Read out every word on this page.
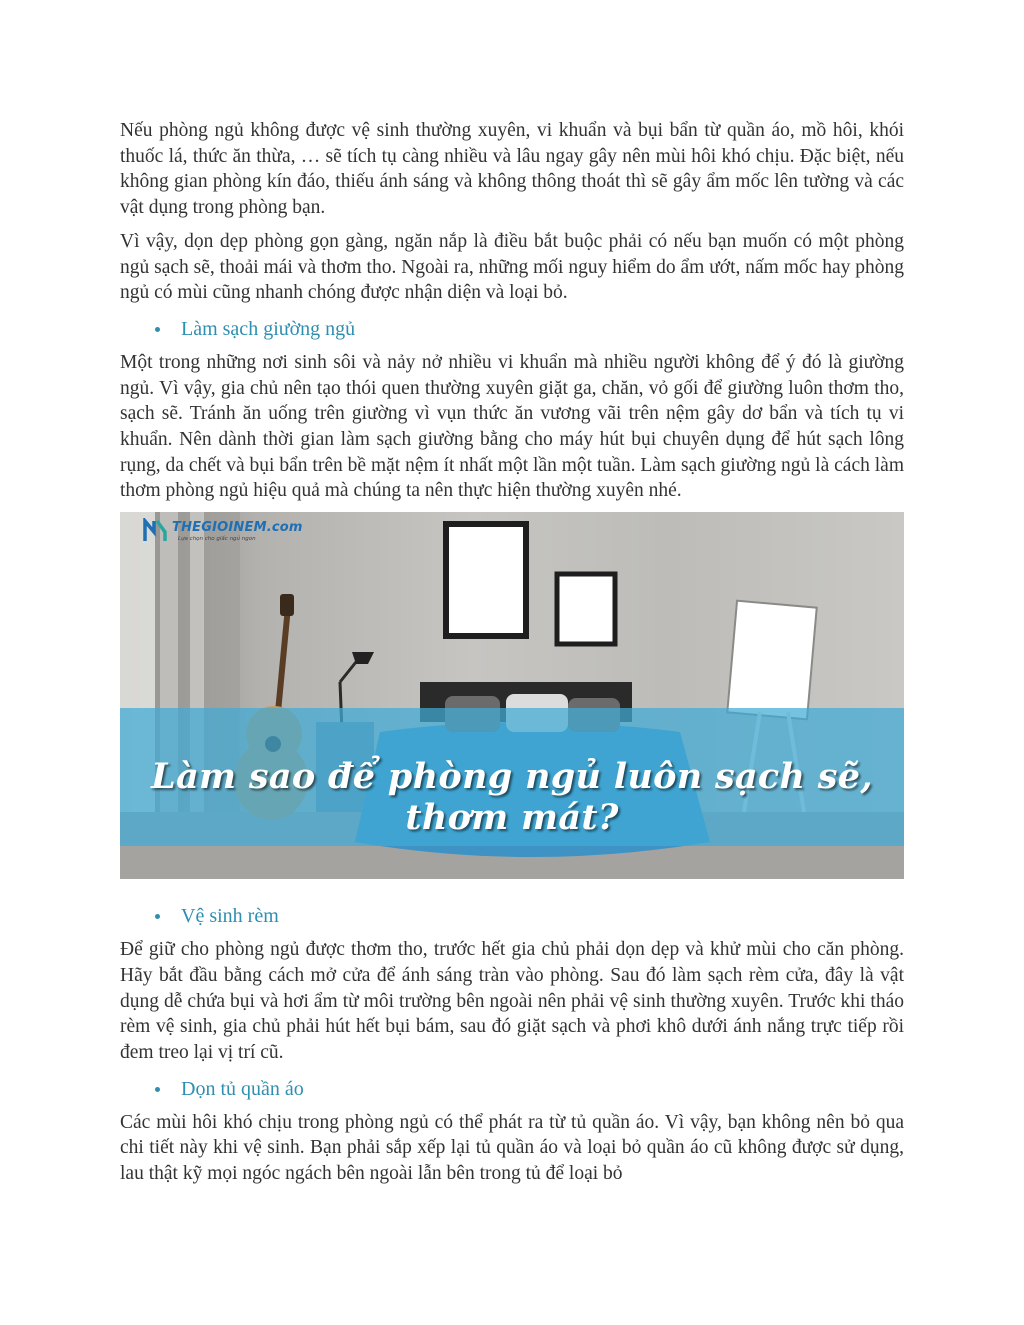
Nếu phòng ngủ không được vệ sinh thường xuyên, vi khuẩn và bụi bẩn từ quần áo, mồ hôi, khói thuốc lá, thức ăn thừa, … sẽ tích tụ càng nhiều và lâu ngay gây nên mùi hôi khó chịu. Đặc biệt, nếu không gian phòng kín đáo, thiếu ánh sáng và không thông thoát thì sẽ gây ẩm mốc lên tường và các vật dụng trong phòng bạn.

Vì vậy, dọn dẹp phòng gọn gàng, ngăn nắp là điều bắt buộc phải có nếu bạn muốn có một phòng ngủ sạch sẽ, thoải mái và thơm tho. Ngoài ra, những mối nguy hiểm do ẩm ướt, nấm mốc hay phòng ngủ có mùi cũng nhanh chóng được nhận diện và loại bỏ.

Làm sạch giường ngủ

Một trong những nơi sinh sôi và nảy nở nhiều vi khuẩn mà nhiều người không để ý đó là giường ngủ. Vì vậy, gia chủ nên tạo thói quen thường xuyên giặt ga, chăn, vỏ gối để giường luôn thơm tho, sạch sẽ. Tránh ăn uống trên giường vì vụn thức ăn vương vãi trên nệm gây dơ bẩn và tích tụ vi khuẩn. Nên dành thời gian làm sạch giường bằng cho máy hút bụi chuyên dụng để hút sạch lông rụng, da chết và bụi bẩn trên bề mặt nệm ít nhất một lần một tuần. Làm sạch giường ngủ là cách làm thơm phòng ngủ hiệu quả mà chúng ta nên thực hiện thường xuyên nhé.

THEGIOINEM.com
Lựa chọn cho giấc ngủ ngon
Làm sao để phòng ngủ luôn sạch sẽ, thơm mát?
Vệ sinh rèm

Để giữ cho phòng ngủ được thơm tho, trước hết gia chủ phải dọn dẹp và khử mùi cho căn phòng. Hãy bắt đầu bằng cách mở cửa để ánh sáng tràn vào phòng. Sau đó làm sạch rèm cửa, đây là vật dụng dễ chứa bụi và hơi ẩm từ môi trường bên ngoài nên phải vệ sinh thường xuyên. Trước khi tháo rèm vệ sinh, gia chủ phải hút hết bụi bám, sau đó giặt sạch và phơi khô dưới ánh nắng trực tiếp rồi đem treo lại vị trí cũ.

Dọn tủ quần áo

Các mùi hôi khó chịu trong phòng ngủ có thể phát ra từ tủ quần áo. Vì vậy, bạn không nên bỏ qua chi tiết này khi vệ sinh. Bạn phải sắp xếp lại tủ quần áo và loại bỏ quần áo cũ không được sử dụng, lau thật kỹ mọi ngóc ngách bên ngoài lẫn bên trong tủ để loại bỏ
